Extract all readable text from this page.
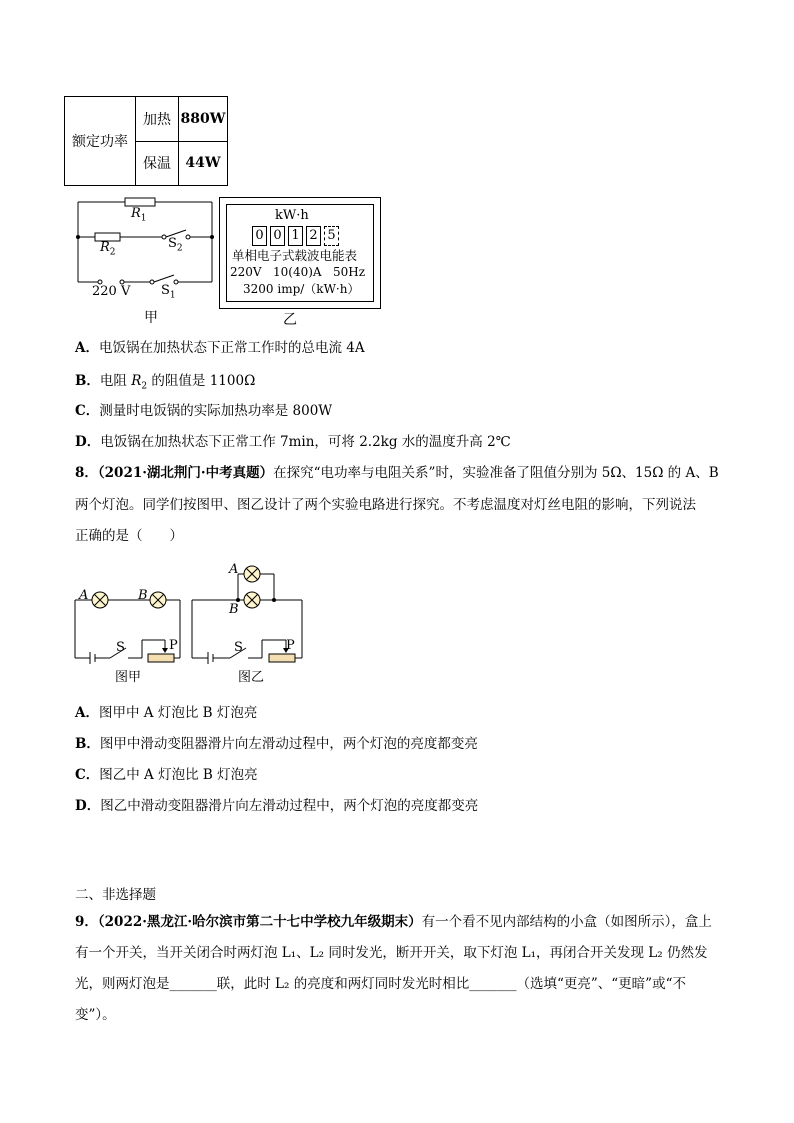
额定功率	加热	880W
	保温	44W
$R_1$
$R_2$
$S_2$
220 V $S_1$
甲
kW·h
0 0 1 2 5
单相电子式载波电能表
220V   10(40)A   50Hz
3200 imp/（kW·h）
乙
A．电饭锅在加热状态下正常工作时的总电流 4A
B．电阻 $R_2$ 的阻值是 1100Ω
C．测量时电饭锅的实际加热功率是 800W
D．电饭锅在加热状态下正常工作 7min，可将 2.2kg 水的温度升高 2℃
8．（2021·湖北荆门·中考真题）在探究“电功率与电阻关系”时，实验准备了阻值分别为 5Ω、15Ω 的 A、B
两个灯泡。同学们按图甲、图乙设计了两个实验电路进行探究。不考虑温度对灯丝电阻的影响，下列说法
正确的是（　　）
A	B
S	P
图甲
A
B
S	P
图乙
A．图甲中 A 灯泡比 B 灯泡亮
B．图甲中滑动变阻器滑片向左滑动过程中，两个灯泡的亮度都变亮
C．图乙中 A 灯泡比 B 灯泡亮
D．图乙中滑动变阻器滑片向左滑动过程中，两个灯泡的亮度都变亮
二、非选择题
9．（2022·黑龙江·哈尔滨市第二十七中学校九年级期末）有一个看不见内部结构的小盒（如图所示），盒上
有一个开关，当开关闭合时两灯泡 L₁、L₂ 同时发光，断开开关，取下灯泡 L₁，再闭合开关发现 L₂ 仍然发
光，则两灯泡是_______联，此时 L₂ 的亮度和两灯同时发光时相比_______（选填“更亮”、“更暗”或“不
变”）。
